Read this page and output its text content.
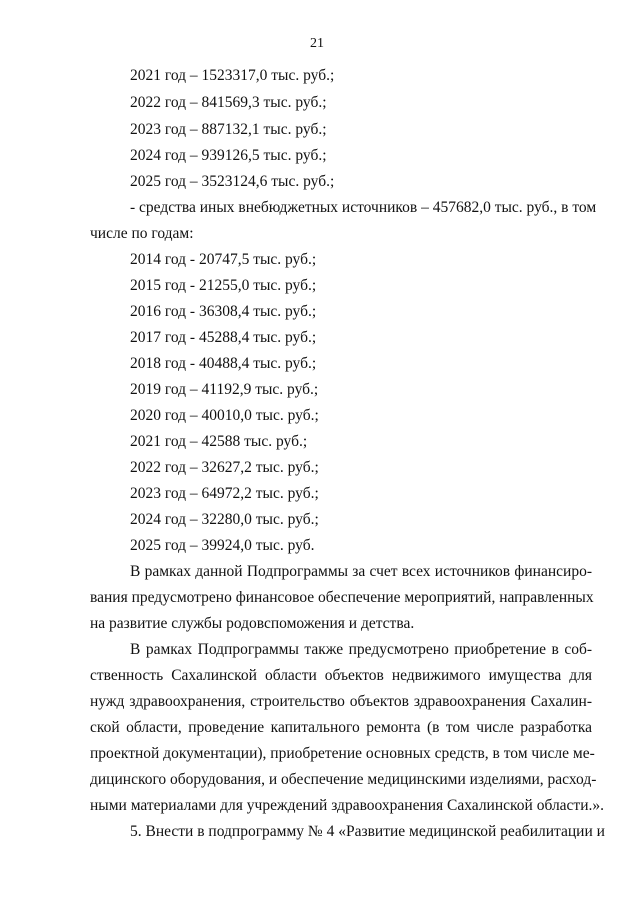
21
2021 год – 1523317,0 тыс. руб.;
2022 год – 841569,3 тыс. руб.;
2023 год – 887132,1 тыс. руб.;
2024 год – 939126,5 тыс. руб.;
2025 год – 3523124,6 тыс. руб.;
- средства иных внебюджетных источников – 457682,0 тыс. руб., в том
числе по годам:
2014 год - 20747,5 тыс. руб.;
2015 год - 21255,0 тыс. руб.;
2016 год - 36308,4 тыс. руб.;
2017 год - 45288,4 тыс. руб.;
2018 год - 40488,4 тыс. руб.;
2019 год – 41192,9 тыс. руб.;
2020 год – 40010,0 тыс. руб.;
2021 год – 42588 тыс. руб.;
2022 год – 32627,2 тыс. руб.;
2023 год – 64972,2 тыс. руб.;
2024 год – 32280,0 тыс. руб.;
2025 год – 39924,0 тыс. руб.
В рамках данной Подпрограммы за счет всех источников финансиро-
вания предусмотрено финансовое обеспечение мероприятий, направленных
на развитие службы родовспоможения и детства.
В рамках Подпрограммы также предусмотрено приобретение в соб-
ственность Сахалинской области объектов недвижимого имущества для
нужд здравоохранения, строительство объектов здравоохранения Сахалин-
ской области, проведение капитального ремонта (в том числе разработка
проектной документации), приобретение основных средств, в том числе ме-
дицинского оборудования, и обеспечение медицинскими изделиями, расход-
ными материалами для учреждений здравоохранения Сахалинской области.».
5. Внести в подпрограмму № 4 «Развитие медицинской реабилитации и
